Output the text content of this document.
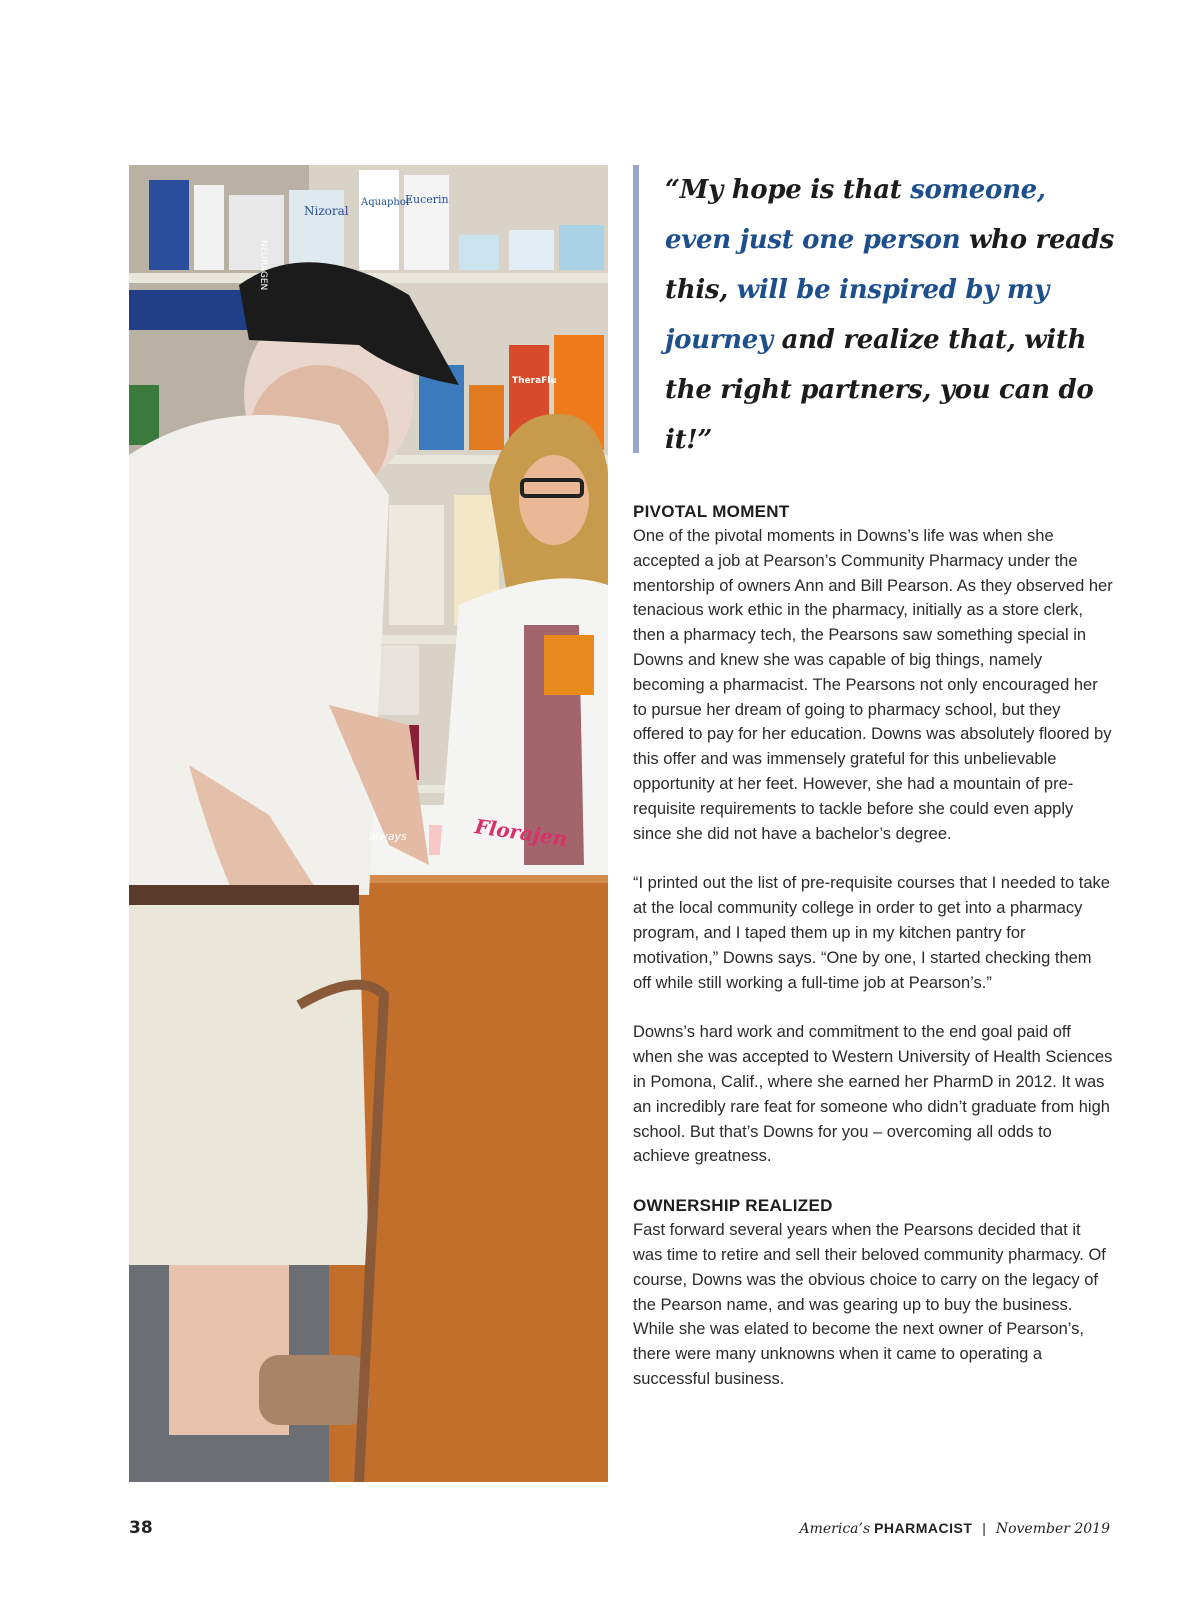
NEURAGEN
Nizoral
Aquaphor
Eucerin
Florajen
always
TheraFlu
“My hope is that someone, even just one person who reads this, will be inspired by my journey and realize that, with the right partners, you can do it!”
PIVOTAL MOMENT

One of the pivotal moments in Downs’s life was when she accepted a job at Pearson’s Community Pharmacy under the mentorship of owners Ann and Bill Pearson. As they observed her tenacious work ethic in the pharmacy, initially as a store clerk, then a pharmacy tech, the Pearsons saw something special in Downs and knew she was capable of big things, namely becoming a pharmacist. The Pearsons not only encouraged her to pursue her dream of going to pharmacy school, but they offered to pay for her education. Downs was absolutely floored by this offer and was immensely grateful for this unbelievable opportunity at her feet. However, she had a mountain of pre-requisite requirements to tackle before she could even apply since she did not have a bachelor’s degree.

“I printed out the list of pre-requisite courses that I needed to take at the local community college in order to get into a pharmacy program, and I taped them up in my kitchen pantry for motivation,” Downs says. “One by one, I started checking them off while still working a full-time job at Pearson’s.”

Downs’s hard work and commitment to the end goal paid off when she was accepted to Western University of Health Sciences in Pomona, Calif., where she earned her PharmD in 2012. It was an incredibly rare feat for someone who didn’t graduate from high school. But that’s Downs for you – overcoming all odds to achieve greatness.

OWNERSHIP REALIZED

Fast forward several years when the Pearsons decided that it was time to retire and sell their beloved community pharmacy. Of course, Downs was the obvious choice to carry on the legacy of the Pearson name, and was gearing up to buy the business. While she was elated to become the next owner of Pearson’s, there were many unknowns when it came to operating a successful business.

38	America’s PHARMACIST | November 2019
